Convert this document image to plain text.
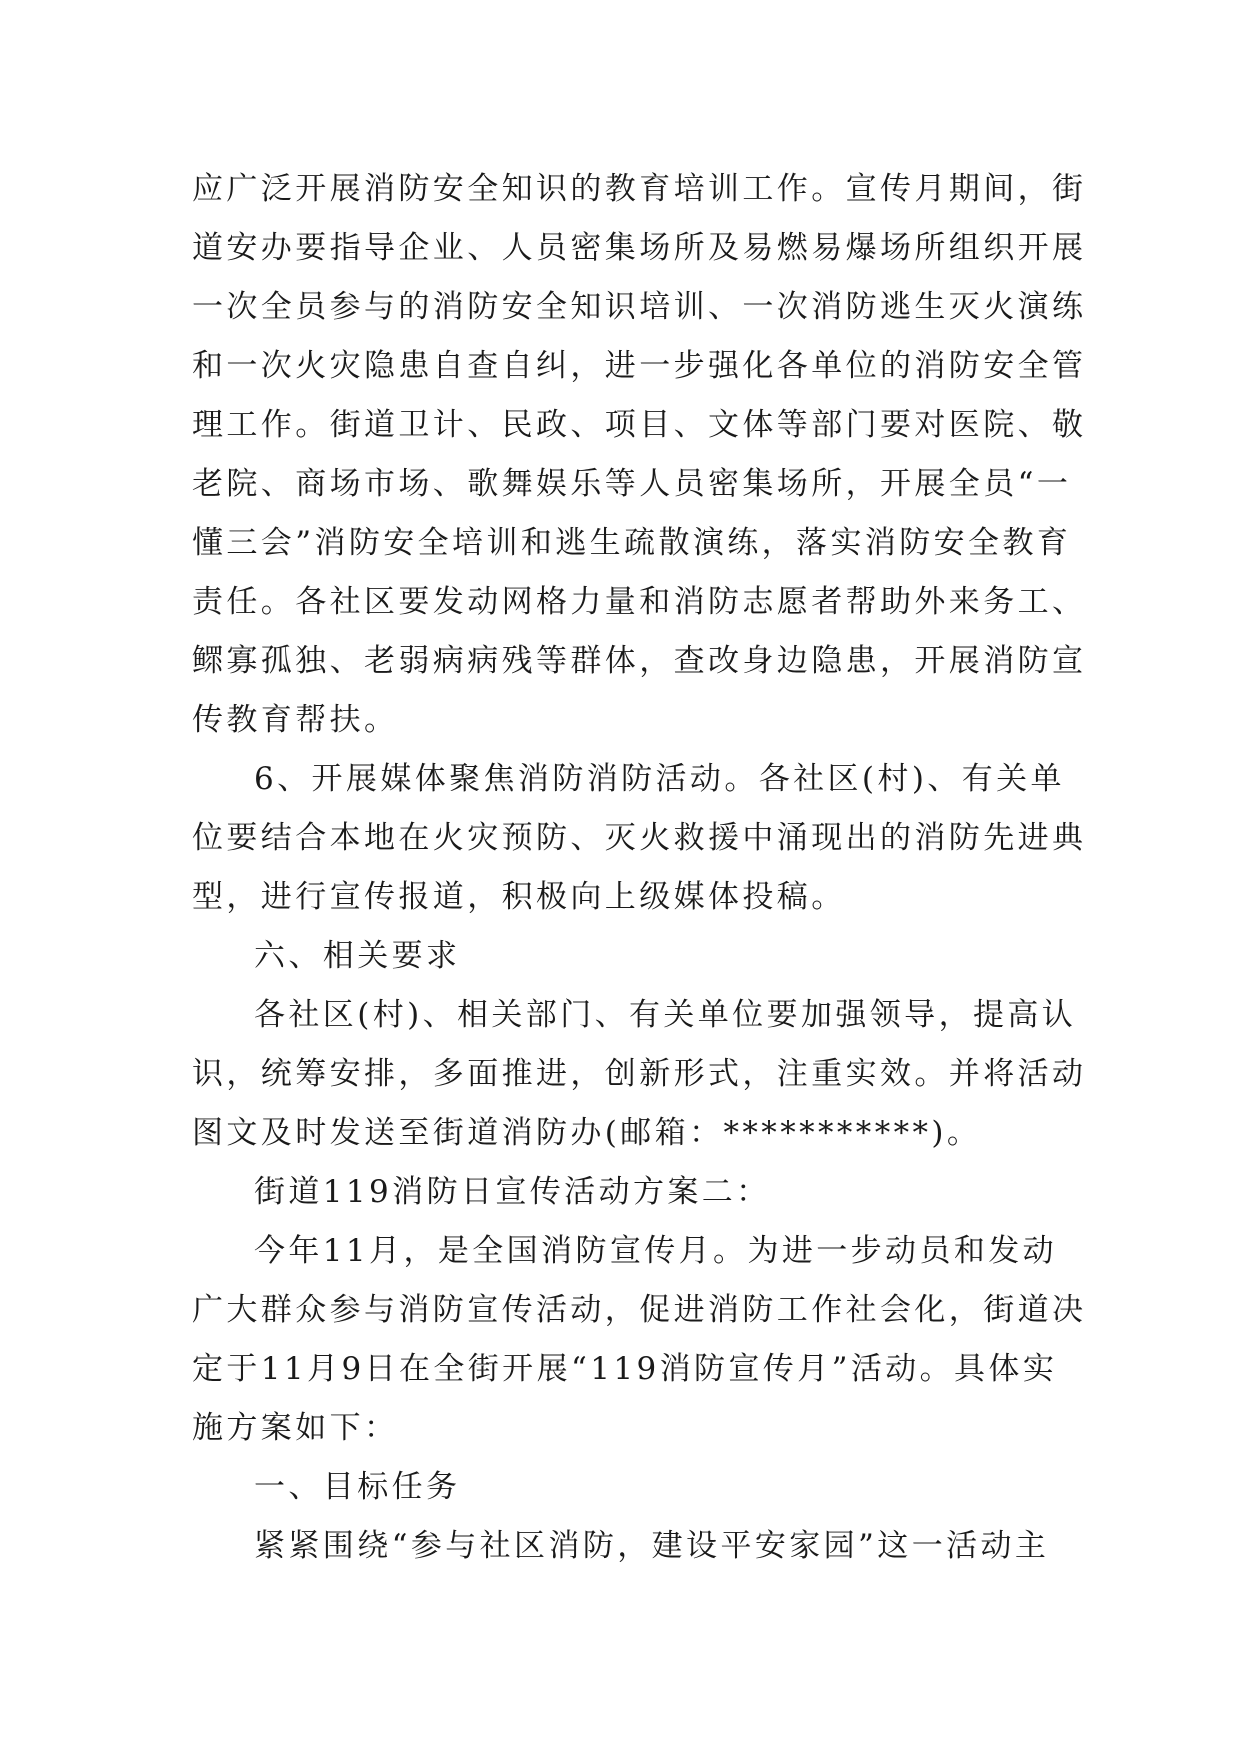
应广泛开展消防安全知识的教育培训工作。宣传月期间，街
道安办要指导企业、人员密集场所及易燃易爆场所组织开展
一次全员参与的消防安全知识培训、一次消防逃生灭火演练
和一次火灾隐患自查自纠，进一步强化各单位的消防安全管
理工作。街道卫计、民政、项目、文体等部门要对医院、敬
老院、商场市场、歌舞娱乐等人员密集场所，开展全员“一
懂三会”消防安全培训和逃生疏散演练，落实消防安全教育
责任。各社区要发动网格力量和消防志愿者帮助外来务工、
鳏寡孤独、老弱病病残等群体，查改身边隐患，开展消防宣
传教育帮扶。
6、开展媒体聚焦消防消防活动。各社区(村)、有关单
位要结合本地在火灾预防、灭火救援中涌现出的消防先进典
型，进行宣传报道，积极向上级媒体投稿。
六、相关要求
各社区(村)、相关部门、有关单位要加强领导，提高认
识，统筹安排，多面推进，创新形式，注重实效。并将活动
图文及时发送至街道消防办(邮箱：***********)。
街道119消防日宣传活动方案二：
今年11月，是全国消防宣传月。为进一步动员和发动
广大群众参与消防宣传活动，促进消防工作社会化，街道决
定于11月9日在全街开展“119消防宣传月”活动。具体实
施方案如下：
一、目标任务
紧紧围绕“参与社区消防，建设平安家园”这一活动主
